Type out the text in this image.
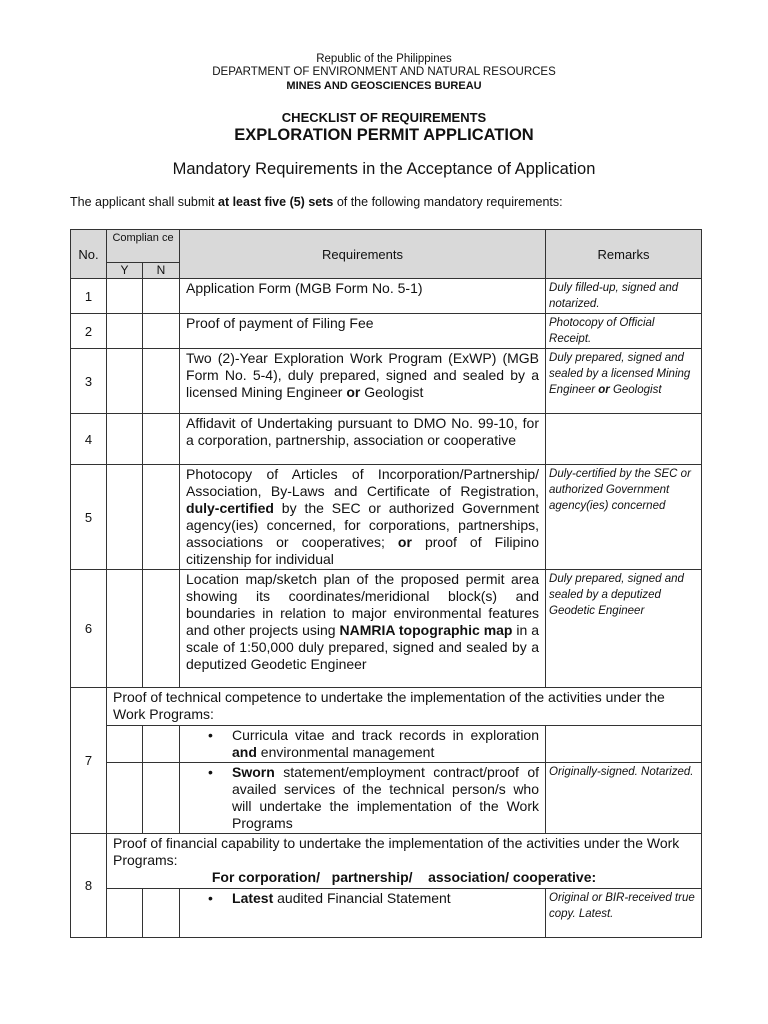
Republic of the Philippines
DEPARTMENT OF ENVIRONMENT AND NATURAL RESOURCES
MINES AND GEOSCIENCES BUREAU
CHECKLIST OF REQUIREMENTS
EXPLORATION PERMIT APPLICATION
Mandatory Requirements in the Acceptance of Application
The applicant shall submit at least five (5) sets of the following mandatory requirements:
No.	Complian ce		Requirements	Remarks
	Y	N		
1			Application Form (MGB Form No. 5-1)	Duly filled-up, signed and notarized.
2			Proof of payment of Filing Fee	Photocopy of Official Receipt.
3			Two (2)-Year Exploration Work Program (ExWP) (MGB Form No. 5-4), duly prepared, signed and sealed by a licensed Mining Engineer or Geologist	Duly prepared, signed and sealed by a licensed Mining Engineer or Geologist
4			Affidavit of Undertaking pursuant to DMO No. 99-10, for a corporation, partnership, association or cooperative	
5			Photocopy of Articles of Incorporation/Partnership/ Association, By-Laws and Certificate of Registration, duly-certified by the SEC or authorized Government agency(ies) concerned, for corporations, partnerships, associations or cooperatives; or proof of Filipino citizenship for individual	Duly-certified by the SEC or authorized Government agency(ies) concerned
6			Location map/sketch plan of the proposed permit area showing its coordinates/meridional block(s) and boundaries in relation to major environmental features and other projects using NAMRIA topographic map in a scale of 1:50,000 duly prepared, signed and sealed by a deputized Geodetic Engineer	Duly prepared, signed and sealed by a deputized Geodetic Engineer
7	Proof of technical competence to undertake the implementation of the activities under the Work Programs:			

			• Curricula vitae and track records in exploration and environmental management	

			• Sworn statement/employment contract/proof of availed services of the technical person/s who will undertake the implementation of the Work Programs	Originally-signed. Notarized.
8	Proof of financial capability to undertake the implementation of the activities under the Work Programs:
For corporation/   partnership/    association/ cooperative:			

			• Latest audited Financial Statement	Original or BIR-received true copy. Latest.
